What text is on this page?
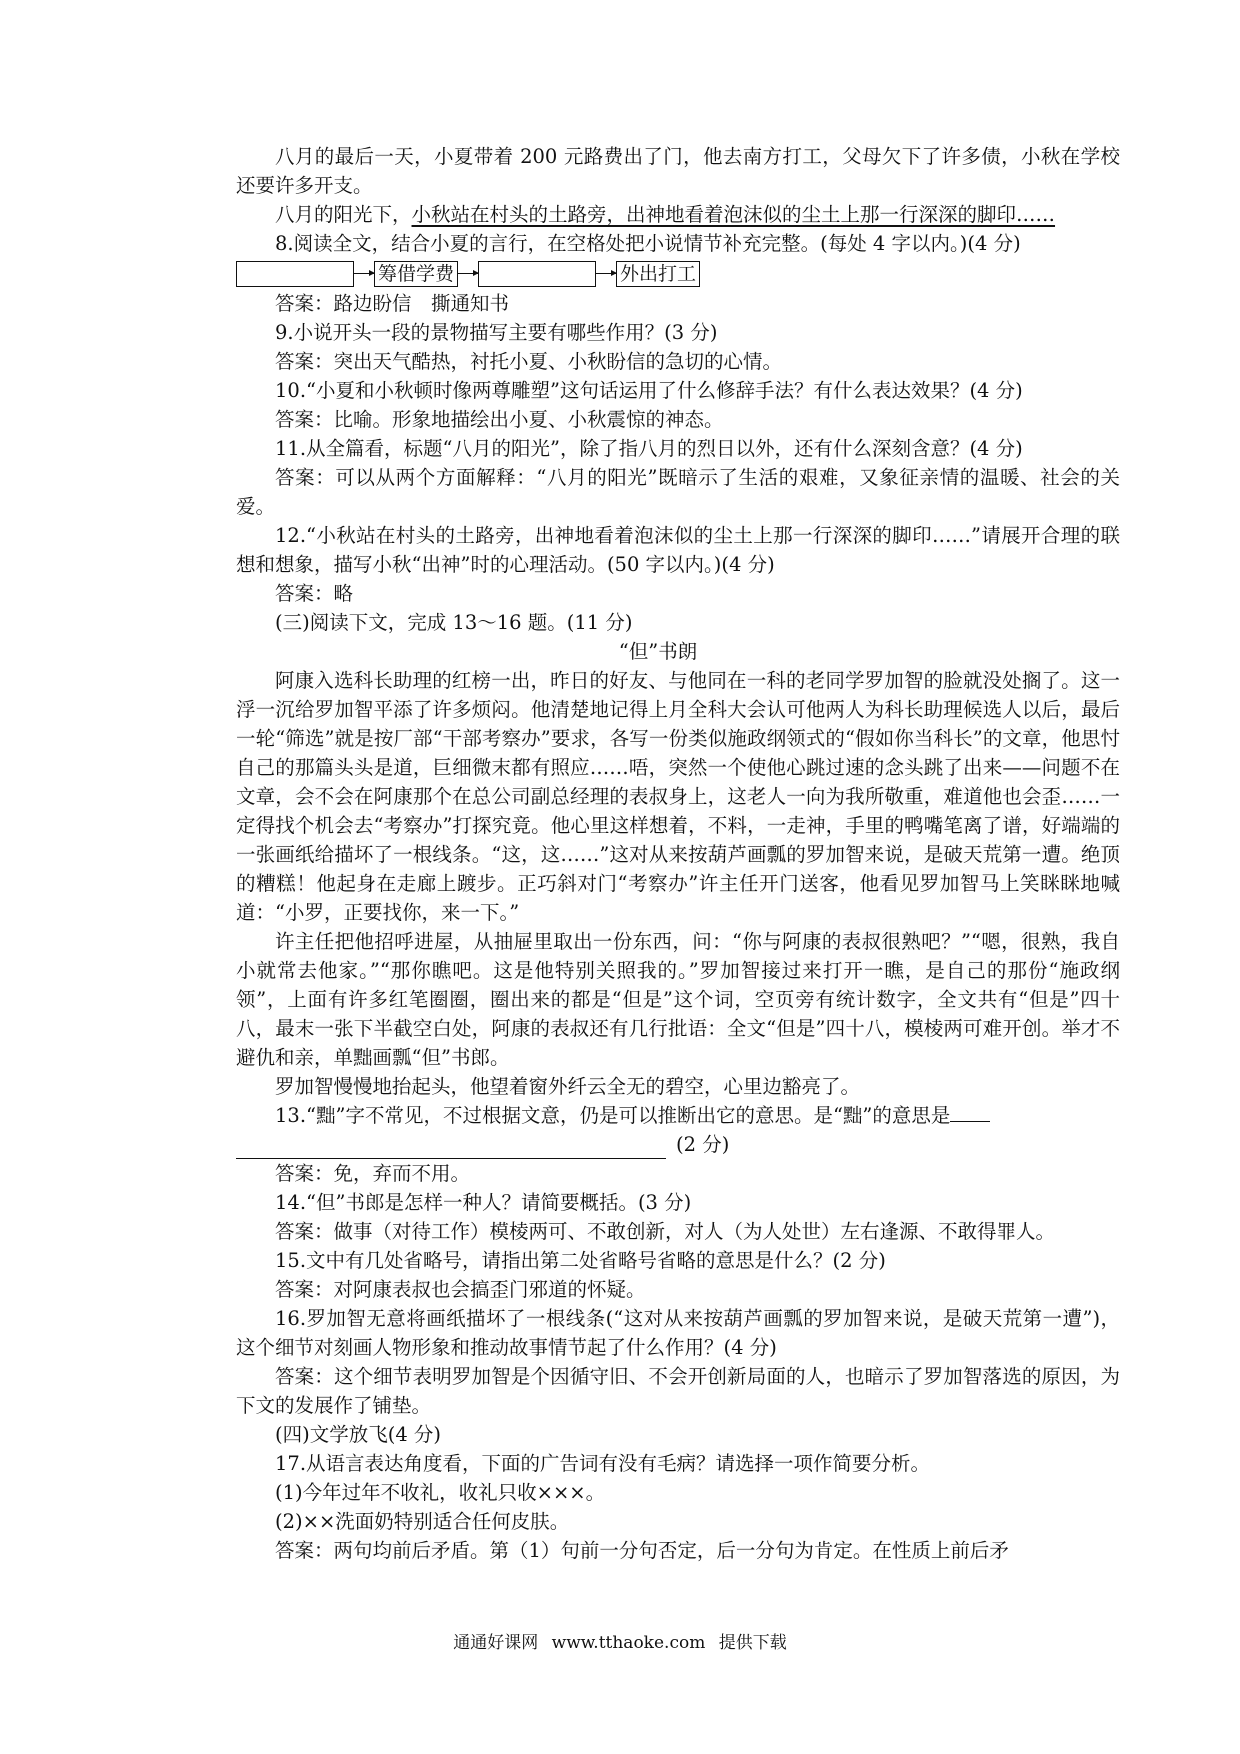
八月的最后一天，小夏带着 200 元路费出了门，他去南方打工，父母欠下了许多债，小秋在学校还要许多开支。

八月的阳光下，小秋站在村头的土路旁，出神地看着泡沫似的尘土上那一行深深的脚印……

8.阅读全文，结合小夏的言行，在空格处把小说情节补充完整。(每处 4 字以内。)(4 分)

筹借学费	外出打工

答案：路边盼信　撕通知书

9.小说开头一段的景物描写主要有哪些作用？(3 分)

答案：突出天气酷热，衬托小夏、小秋盼信的急切的心情。

10.“小夏和小秋顿时像两尊雕塑”这句话运用了什么修辞手法？有什么表达效果？(4 分)

答案：比喻。形象地描绘出小夏、小秋震惊的神态。

11.从全篇看，标题“八月的阳光”，除了指八月的烈日以外，还有什么深刻含意？(4 分)

答案：可以从两个方面解释：“八月的阳光”既暗示了生活的艰难，又象征亲情的温暖、社会的关爱。

12.“小秋站在村头的土路旁，出神地看着泡沫似的尘土上那一行深深的脚印……”请展开合理的联想和想象，描写小秋“出神”时的心理活动。(50 字以内。)(4 分)

答案：略

(三)阅读下文，完成 13～16 题。(11 分)

“但”书朗

阿康入选科长助理的红榜一出，昨日的好友、与他同在一科的老同学罗加智的脸就没处搁了。这一浮一沉给罗加智平添了许多烦闷。他清楚地记得上月全科大会认可他两人为科长助理候选人以后，最后一轮“筛选”就是按厂部“干部考察办”要求，各写一份类似施政纲领式的“假如你当科长”的文章，他思忖自己的那篇头头是道，巨细微末都有照应……唔，突然一个使他心跳过速的念头跳了出来——问题不在文章，会不会在阿康那个在总公司副总经理的表叔身上，这老人一向为我所敬重，难道他也会歪……一定得找个机会去“考察办”打探究竟。他心里这样想着，不料，一走神，手里的鸭嘴笔离了谱，好端端的一张画纸给描坏了一根线条。“这，这……”这对从来按葫芦画瓢的罗加智来说，是破天荒第一遭。绝顶的糟糕！他起身在走廊上踱步。正巧斜对门“考察办”许主任开门送客，他看见罗加智马上笑眯眯地喊道：“小罗，正要找你，来一下。”

许主任把他招呼进屋，从抽屉里取出一份东西，问：“你与阿康的表叔很熟吧？”“嗯，很熟，我自小就常去他家。”“那你瞧吧。这是他特别关照我的。”罗加智接过来打开一瞧，是自己的那份“施政纲领”，上面有许多红笔圈圈，圈出来的都是“但是”这个词，空页旁有统计数字，全文共有“但是”四十八，最末一张下半截空白处，阿康的表叔还有几行批语：全文“但是”四十八，模棱两可难开创。举才不避仇和亲，单黜画瓢“但”书郎。

罗加智慢慢地抬起头，他望着窗外纤云全无的碧空，心里边豁亮了。

13.“黜”字不常见，不过根据文意，仍是可以推断出它的意思。是“黜”的意思是

(2 分)

答案：免，弃而不用。

14.“但”书郎是怎样一种人？请简要概括。(3 分)

答案：做事（对待工作）模棱两可、不敢创新，对人（为人处世）左右逢源、不敢得罪人。

15.文中有几处省略号，请指出第二处省略号省略的意思是什么？(2 分)

答案：对阿康表叔也会搞歪门邪道的怀疑。

16.罗加智无意将画纸描坏了一根线条(“这对从来按葫芦画瓢的罗加智来说，是破天荒第一遭”)，这个细节对刻画人物形象和推动故事情节起了什么作用？(4 分)

答案：这个细节表明罗加智是个因循守旧、不会开创新局面的人，也暗示了罗加智落选的原因，为下文的发展作了铺垫。

(四)文学放飞(4 分)

17.从语言表达角度看，下面的广告词有没有毛病？请选择一项作简要分析。

(1)今年过年不收礼，收礼只收×××。

(2)××洗面奶特别适合任何皮肤。

答案：两句均前后矛盾。第（1）句前一分句否定，后一分句为肯定。在性质上前后矛

通通好课网 www.tthaoke.com 提供下载
